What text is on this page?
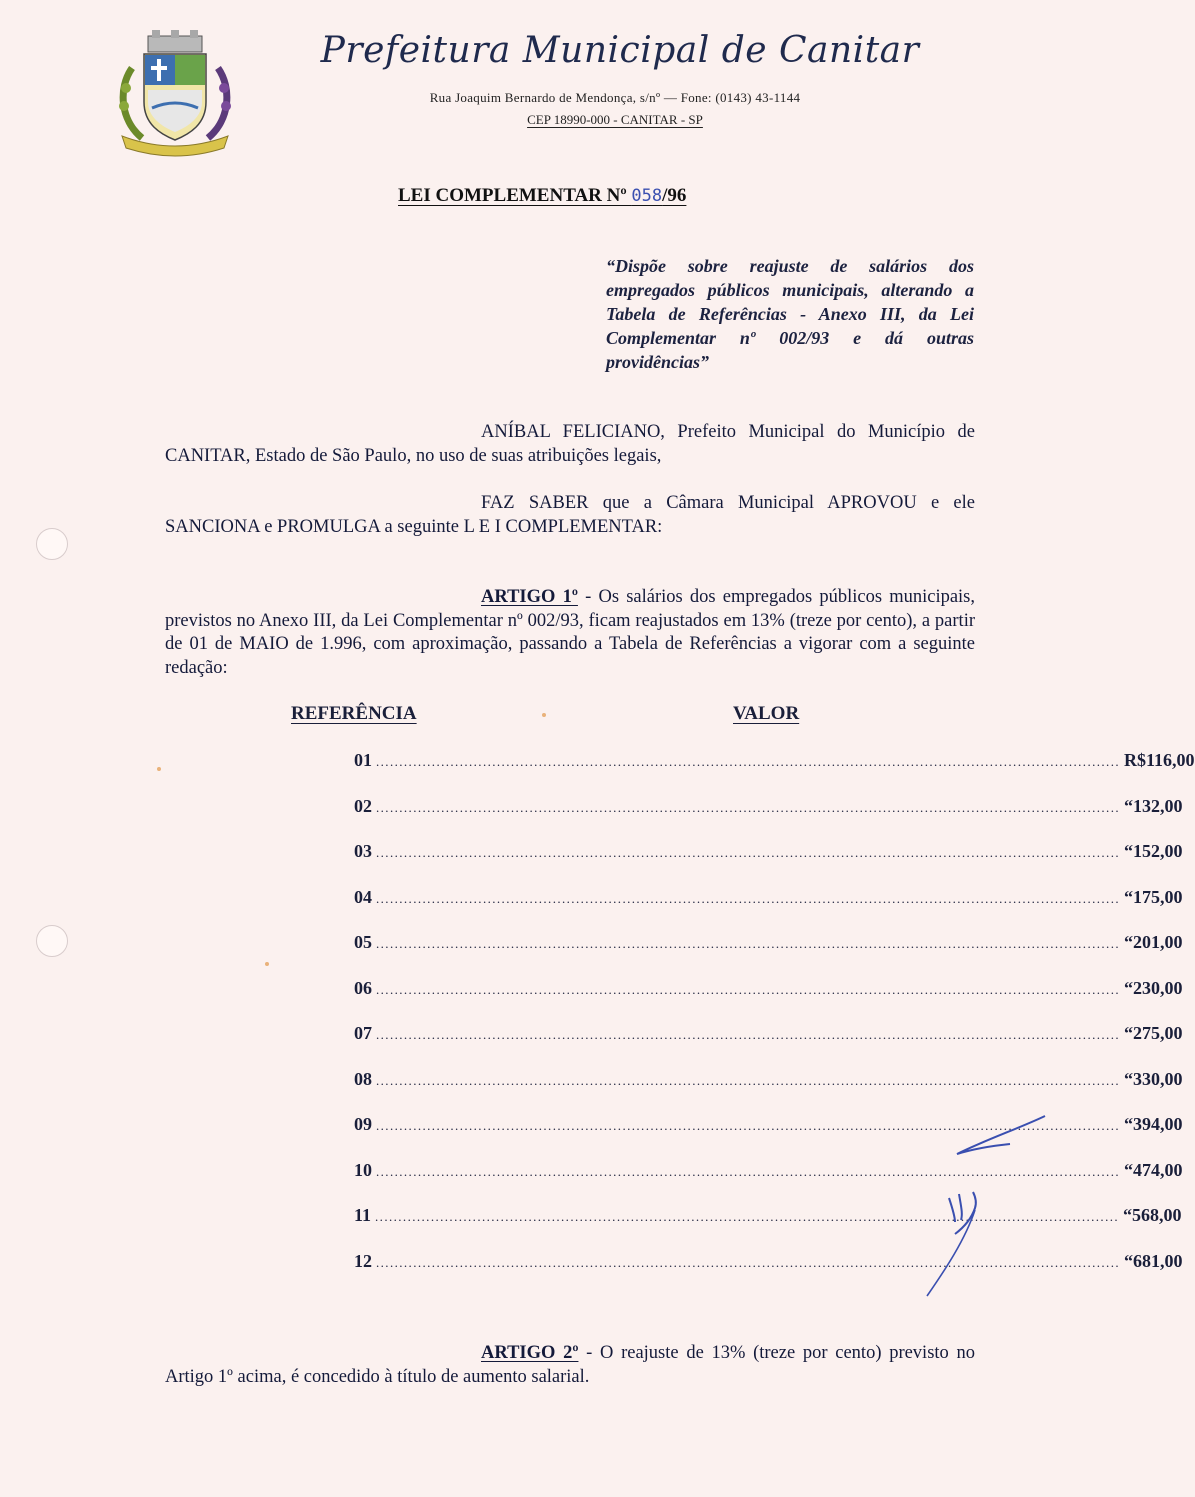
Prefeitura Municipal de Canitar
Rua Joaquim Bernardo de Mendonça, s/nº — Fone: (0143) 43-1144
CEP 18990-000 - CANITAR - SP
LEI COMPLEMENTAR Nº 058/96
“Dispõe sobre reajuste de salários dos empregados públicos municipais, alterando a Tabela de Referências - Anexo III, da Lei Complementar nº 002/93 e dá outras providências”
ANÍBAL FELICIANO, Prefeito Municipal do Município de CANITAR, Estado de São Paulo, no uso de suas atribuições legais,
FAZ SABER que a Câmara Municipal APROVOU e ele SANCIONA e PROMULGA a seguinte L E I COMPLEMENTAR:
ARTIGO 1º - Os salários dos empregados públicos municipais, previstos no Anexo III, da Lei Complementar nº 002/93, ficam reajustados em 13% (treze por cento), a partir de 01 de MAIO de 1.996, com aproximação, passando a Tabela de Referências a vigorar com a seguinte redação:
REFERÊNCIA	VALOR
01 ................................................................................................................................................................ R$ 116,00
02 ................................................................................................................................................................ “ 132,00
03 ................................................................................................................................................................ “ 152,00
04 ................................................................................................................................................................ “ 175,00
05 ................................................................................................................................................................ “ 201,00
06 ................................................................................................................................................................ “ 230,00
07 ................................................................................................................................................................ “ 275,00
08 ................................................................................................................................................................ “ 330,00
09 ................................................................................................................................................................ “ 394,00
10 ................................................................................................................................................................ “ 474,00
11 ................................................................................................................................................................ “ 568,00
12 ................................................................................................................................................................ “ 681,00
ARTIGO 2º - O reajuste de 13% (treze por cento) previsto no Artigo 1º acima, é concedido à título de aumento salarial.
